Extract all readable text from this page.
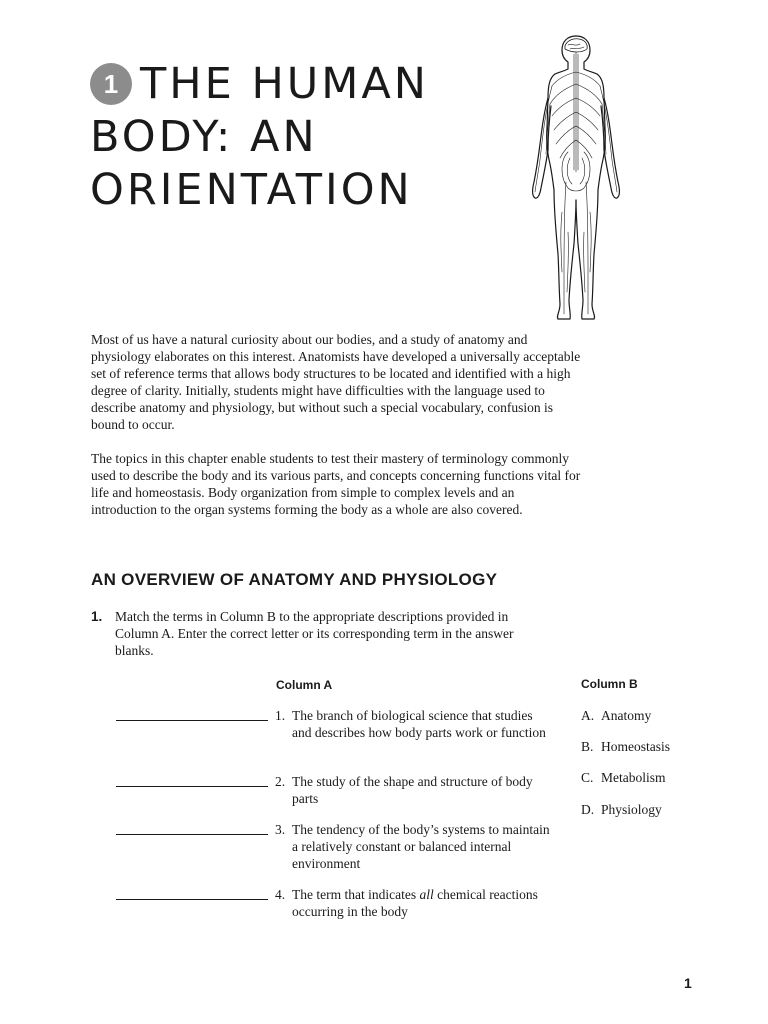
1 THE HUMAN
BODY: AN
ORIENTATION

Most of us have a natural curiosity about our bodies, and a study of anatomy and physiology elaborates on this interest. Anatomists have developed a universally acceptable set of reference terms that allows body structures to be located and identified with a high degree of clarity. Initially, students might have difficulties with the language used to describe anatomy and physiology, but without such a special vocabulary, confusion is bound to occur.

The topics in this chapter enable students to test their mastery of terminology commonly used to describe the body and its various parts, and concepts concerning functions vital for life and homeostasis. Body organization from simple to complex levels and an introduction to the organ systems forming the body as a whole are also covered.

AN OVERVIEW OF ANATOMY AND PHYSIOLOGY
1. Match the terms in Column B to the appropriate descriptions provided in Column A. Enter the correct letter or its corresponding term in the answer blanks.
Column A	Column B
1. The branch of biological science that studies and describes how body parts work or function
2. The study of the shape and structure of body parts
3. The tendency of the body’s systems to maintain a relatively constant or balanced internal environment
4. The term that indicates all chemical reactions occurring in the body
A. Anatomy
B. Homeostasis
C. Metabolism
D. Physiology
1
